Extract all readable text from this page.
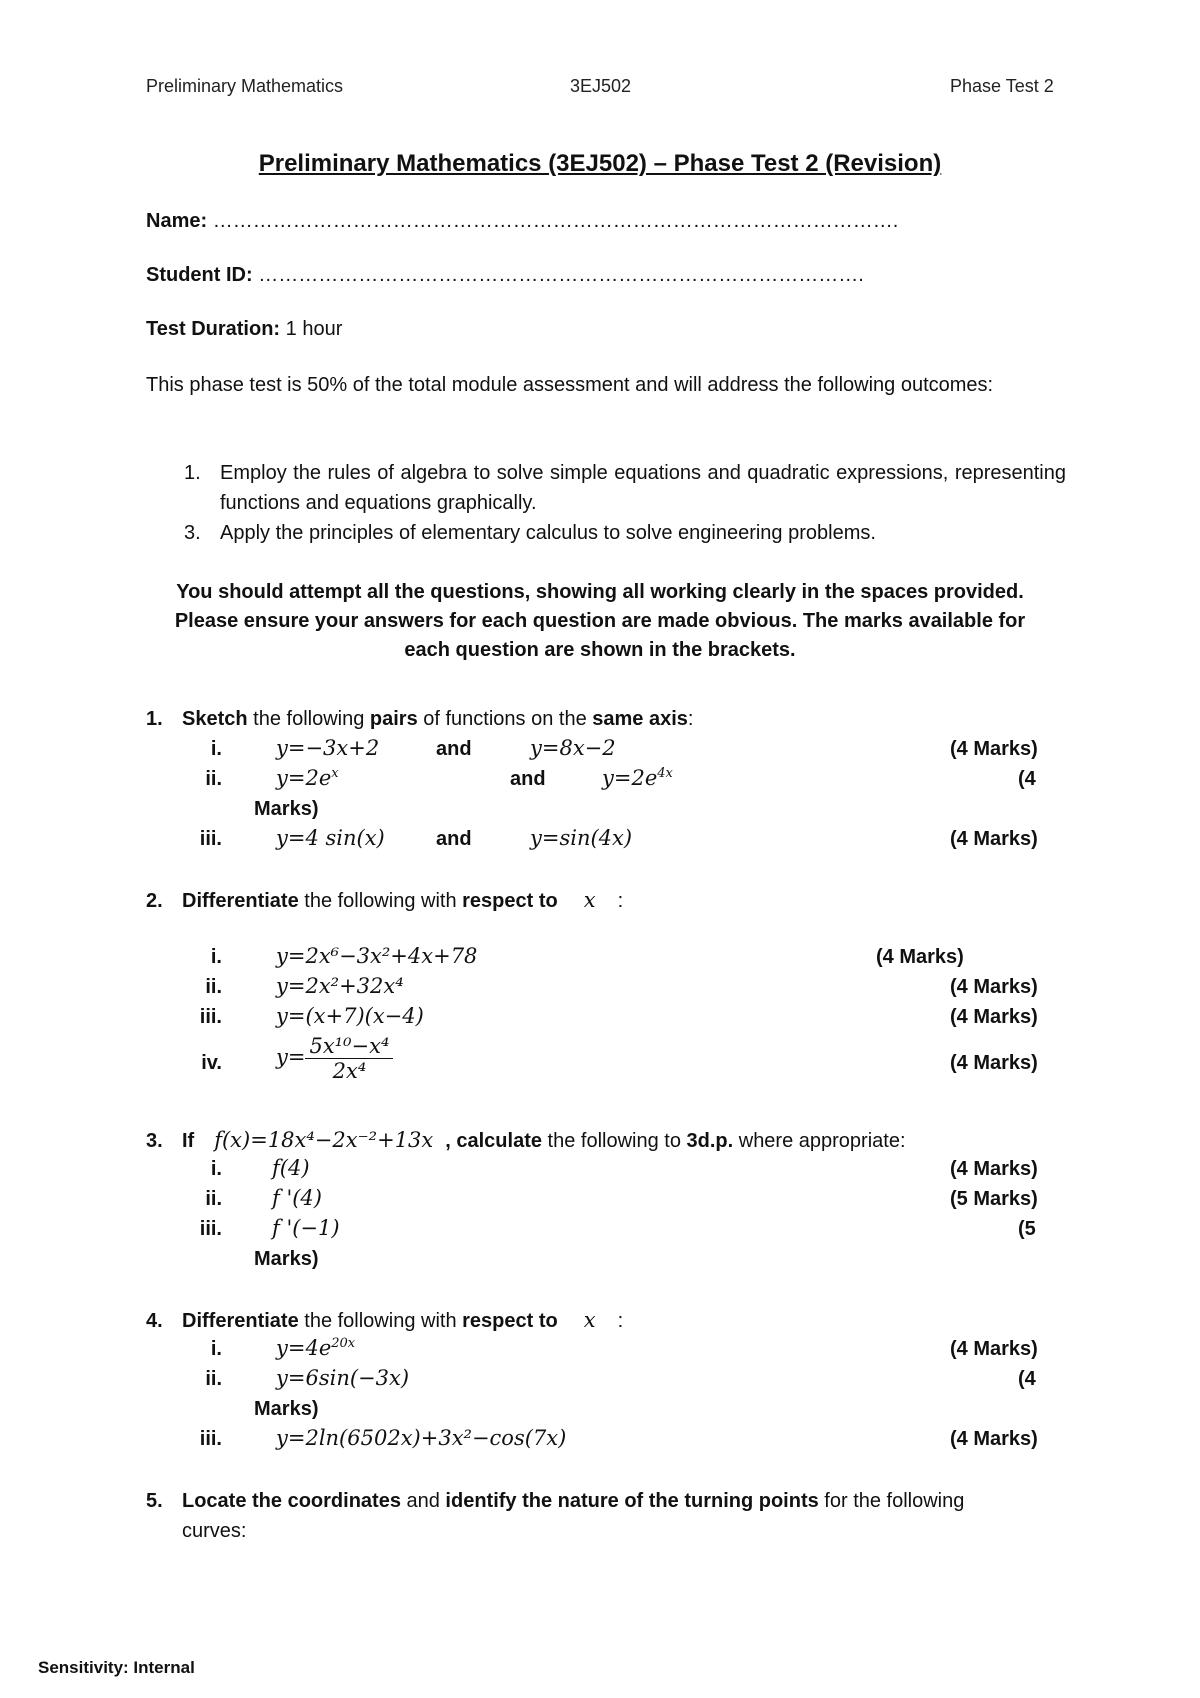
Preliminary Mathematics	3EJ502	Phase Test 2
Preliminary Mathematics (3EJ502) – Phase Test 2 (Revision)
Name: ………………………………………………………………………………………….
Student ID: ……………………………………………………………………………….
Test Duration: 1 hour
This phase test is 50% of the total module assessment and will address the following outcomes:
1. Employ the rules of algebra to solve simple equations and quadratic expressions, representing functions and equations graphically.
3. Apply the principles of elementary calculus to solve engineering problems.
You should attempt all the questions, showing all working clearly in the spaces provided.
Please ensure your answers for each question are made obvious. The marks available for
each question are shown in the brackets.
1. Sketch the following pairs of functions on the same axis:
i.	y=−3x+2	and	y=8x−2	(4 Marks)
ii.	$y=2e^x$	and	$y=2e^{4x}$	(4
Marks)
iii.	y=4 sin(x)	and	y=sin(4x)	(4 Marks)
2. Differentiate the following with respect to x :
i.	y=2x⁶−3x²+4x+78	(4 Marks)
ii.	y=2x²+32x⁴	(4 Marks)
iii.	y=(x+7)(x−4)	(4 Marks)
iv.	$y= \frac{\text{5x¹⁰−x⁴}}{\text{2x⁴}}$	(4 Marks)
3. If f(x)=18x⁴−2x⁻²+13x , calculate the following to 3d.p. where appropriate:
i. f(4)	(4 Marks)
ii. f '(4)	(5 Marks)
iii. f '(−1)	(5
Marks)
4. Differentiate the following with respect to x :
i.	$y=4e^{20x}$	(4 Marks)
ii.	y=6sin(−3x)	(4
Marks)
iii.	y=2ln(6502x)+3x²−cos(7x)	(4 Marks)
5. Locate the coordinates and identify the nature of the turning points for the following
curves:
Sensitivity: Internal
